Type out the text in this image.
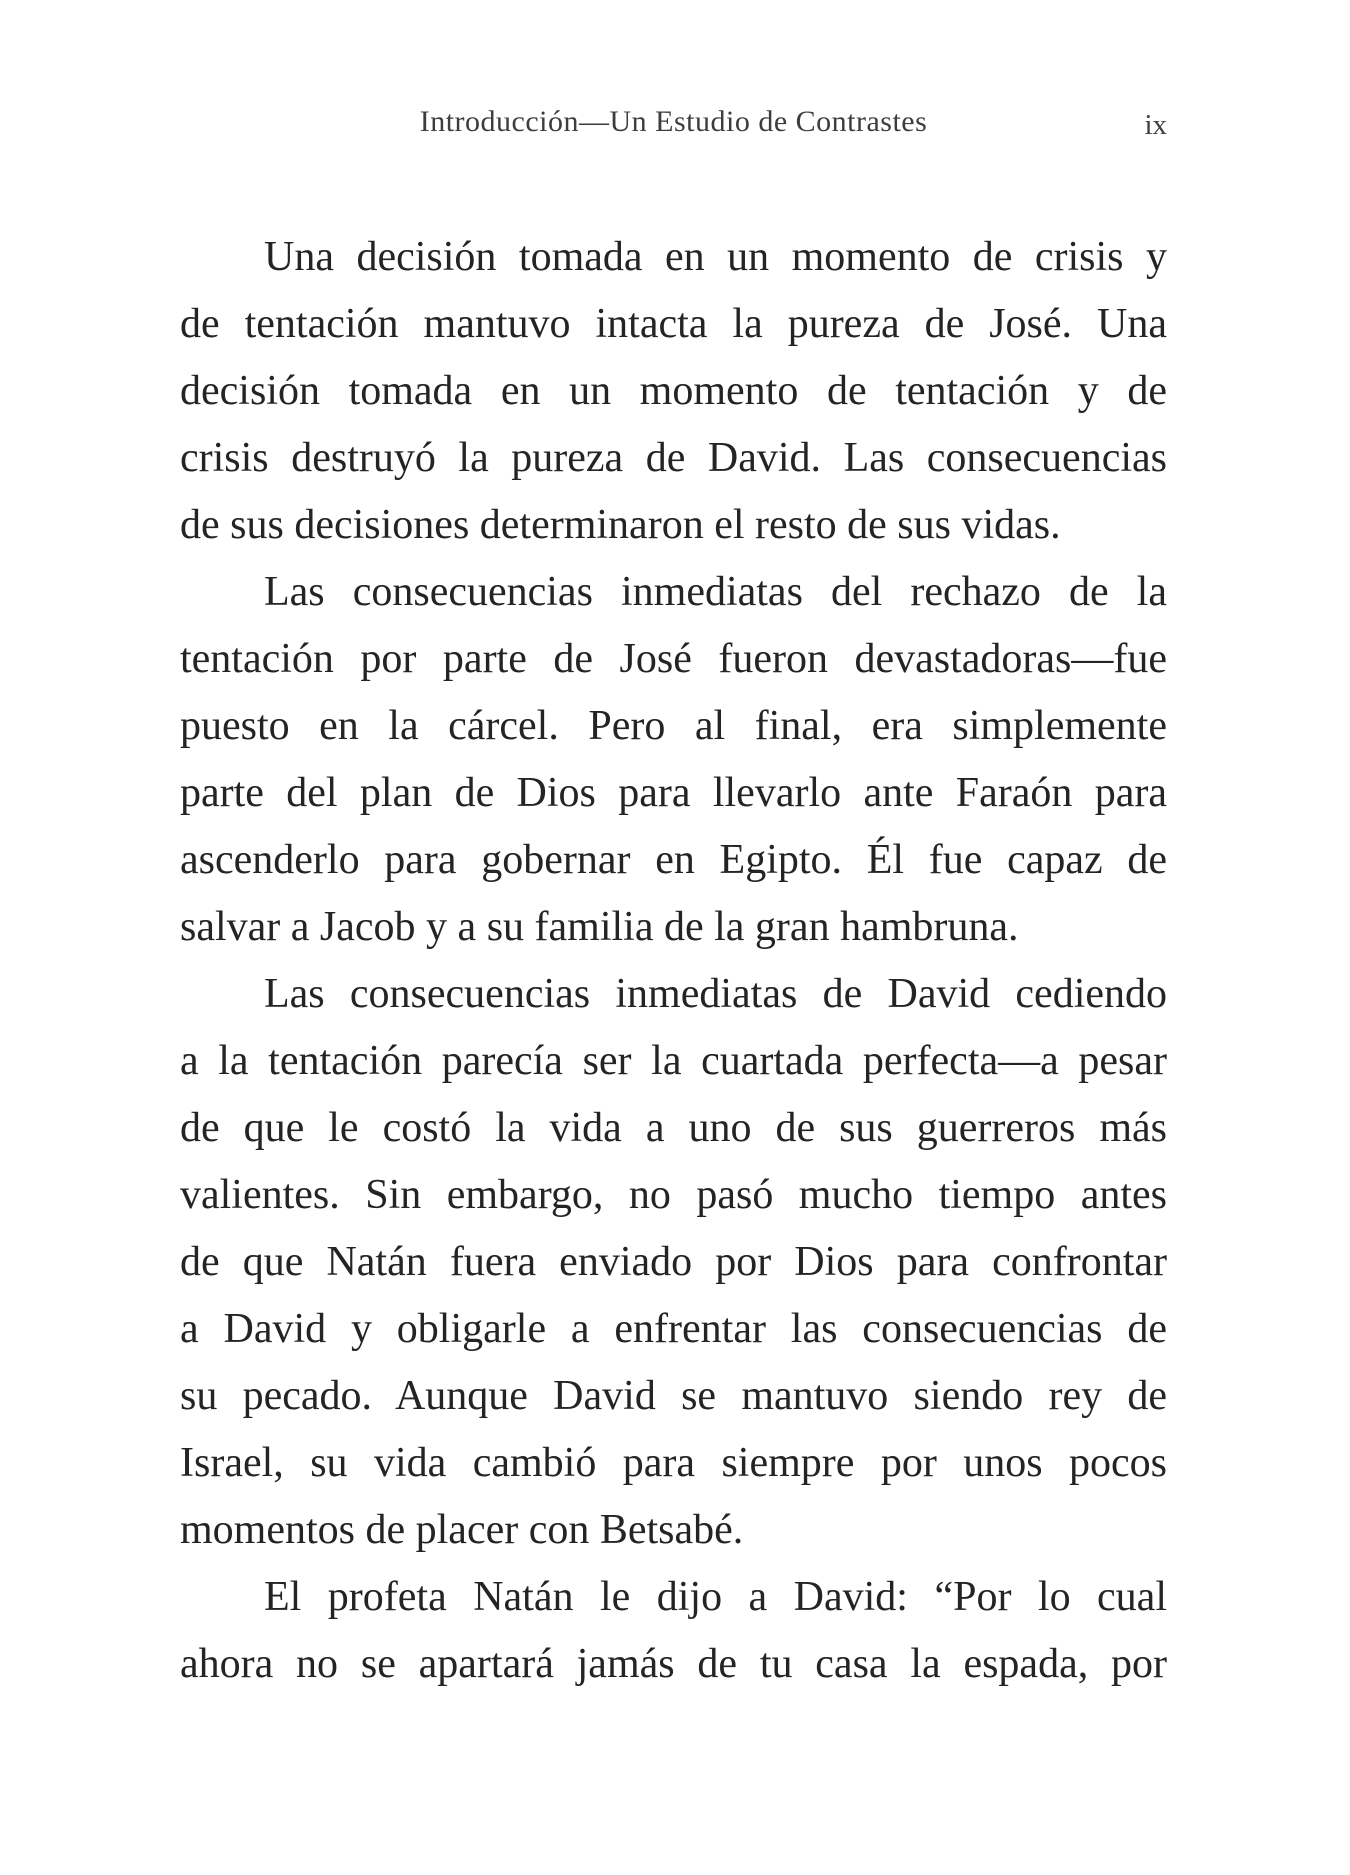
Introducción—Un Estudio de Contrastes	ix
Una decisión tomada en un momento de crisis y
de tentación mantuvo intacta la pureza de José. Una
decisión tomada en un momento de tentación y de
crisis destruyó la pureza de David. Las consecuencias
de sus decisiones determinaron el resto de sus vidas.
Las consecuencias inmediatas del rechazo de la
tentación por parte de José fueron devastadoras—fue
puesto en la cárcel. Pero al final, era simplemente
parte del plan de Dios para llevarlo ante Faraón para
ascenderlo para gobernar en Egipto. Él fue capaz de
salvar a Jacob y a su familia de la gran hambruna.
Las consecuencias inmediatas de David cediendo
a la tentación parecía ser la cuartada perfecta—a pesar
de que le costó la vida a uno de sus guerreros más
valientes. Sin embargo, no pasó mucho tiempo antes
de que Natán fuera enviado por Dios para confrontar
a David y obligarle a enfrentar las consecuencias de
su pecado. Aunque David se mantuvo siendo rey de
Israel, su vida cambió para siempre por unos pocos
momentos de placer con Betsabé.
El profeta Natán le dijo a David: “Por lo cual
ahora no se apartará jamás de tu casa la espada, por
